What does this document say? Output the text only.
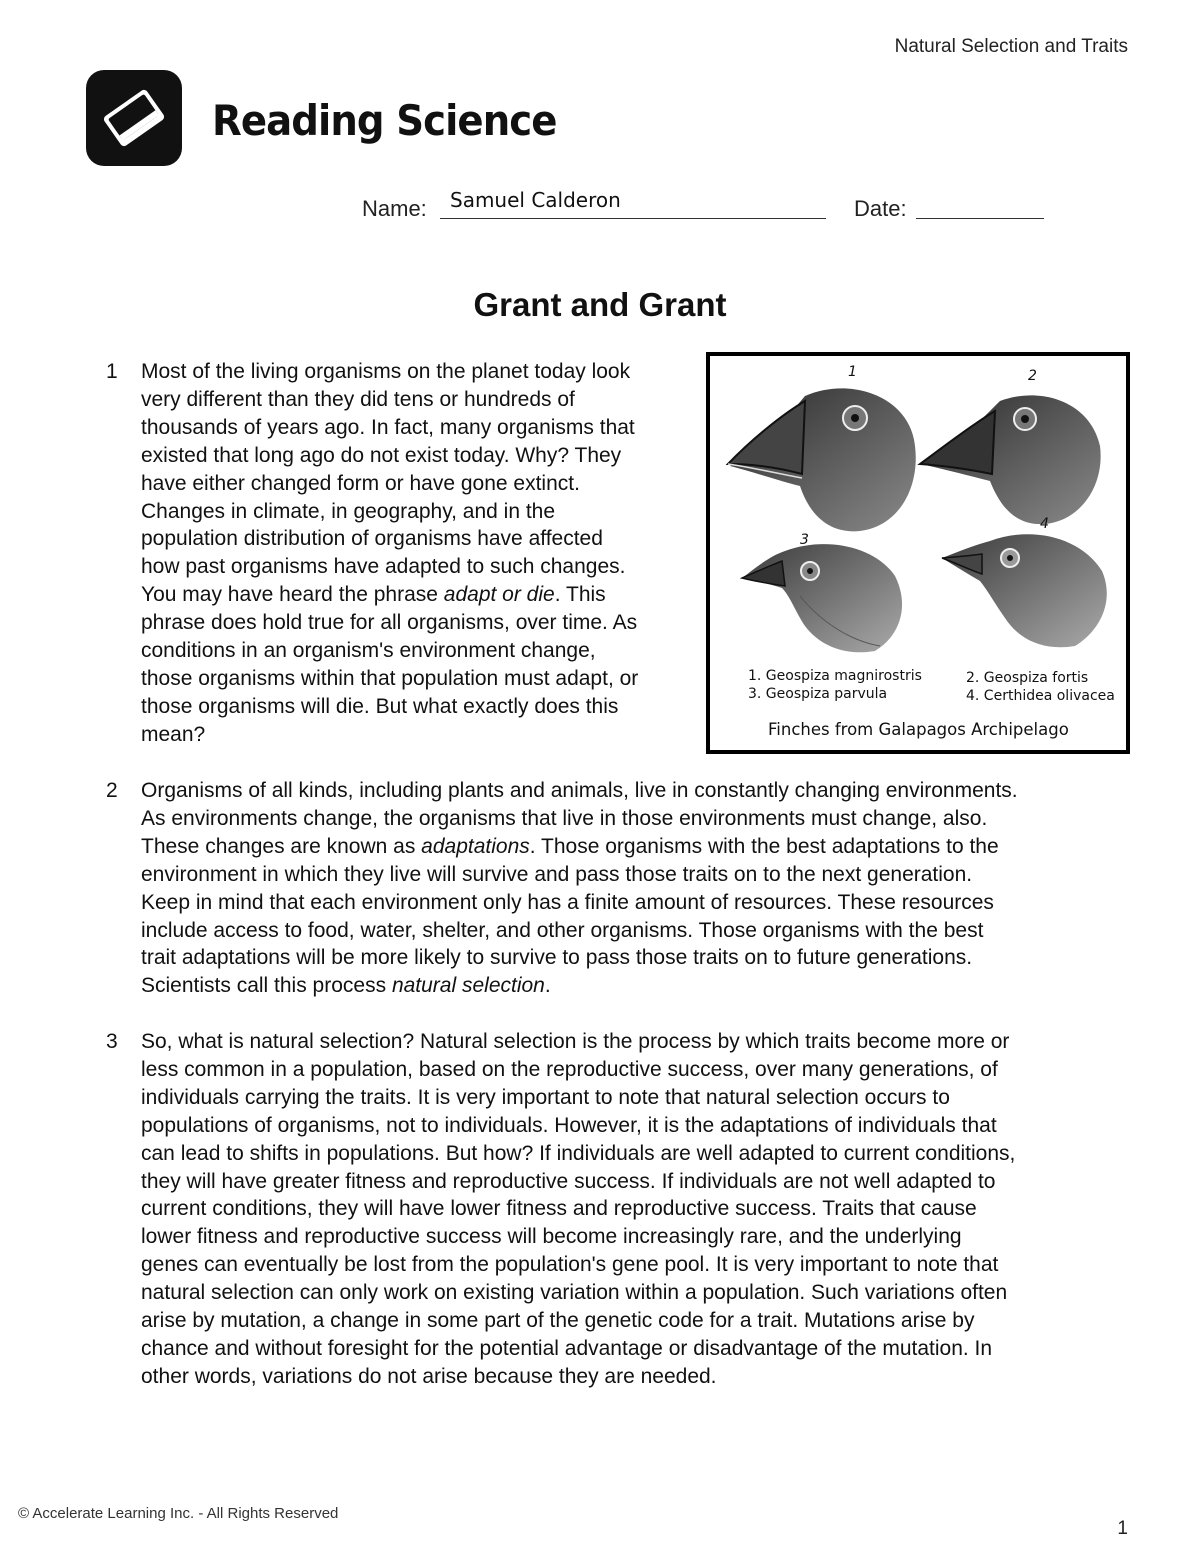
Natural Selection and Traits
Reading Science
Name: Samuel Calderon	Date:
Grant and Grant
1 Most of the living organisms on the planet today look
very different than they did tens or hundreds of
thousands of years ago. In fact, many organisms that
existed that long ago do not exist today. Why? They
have either changed form or have gone extinct.
Changes in climate, in geography, and in the
population distribution of organisms have affected
how past organisms have adapted to such changes.
You may have heard the phrase adapt or die. This
phrase does hold true for all organisms, over time. As
conditions in an organism's environment change,
those organisms within that population must adapt, or
those organisms will die. But what exactly does this
mean?
1	2
3
4
1. Geospiza magnirostris	2. Geospiza fortis
3. Geospiza parvula	4. Certhidea olivacea
Finches from Galapagos Archipelago
2 Organisms of all kinds, including plants and animals, live in constantly changing environments.
As environments change, the organisms that live in those environments must change, also.
These changes are known as adaptations. Those organisms with the best adaptations to the
environment in which they live will survive and pass those traits on to the next generation.
Keep in mind that each environment only has a finite amount of resources. These resources
include access to food, water, shelter, and other organisms. Those organisms with the best
trait adaptations will be more likely to survive to pass those traits on to future generations.
Scientists call this process natural selection.
3 So, what is natural selection? Natural selection is the process by which traits become more or
less common in a population, based on the reproductive success, over many generations, of
individuals carrying the traits. It is very important to note that natural selection occurs to
populations of organisms, not to individuals. However, it is the adaptations of individuals that
can lead to shifts in populations. But how? If individuals are well adapted to current conditions,
they will have greater fitness and reproductive success. If individuals are not well adapted to
current conditions, they will have lower fitness and reproductive success. Traits that cause
lower fitness and reproductive success will become increasingly rare, and the underlying
genes can eventually be lost from the population's gene pool. It is very important to note that
natural selection can only work on existing variation within a population. Such variations often
arise by mutation, a change in some part of the genetic code for a trait. Mutations arise by
chance and without foresight for the potential advantage or disadvantage of the mutation. In
other words, variations do not arise because they are needed.
© Accelerate Learning Inc. - All Rights Reserved
1
